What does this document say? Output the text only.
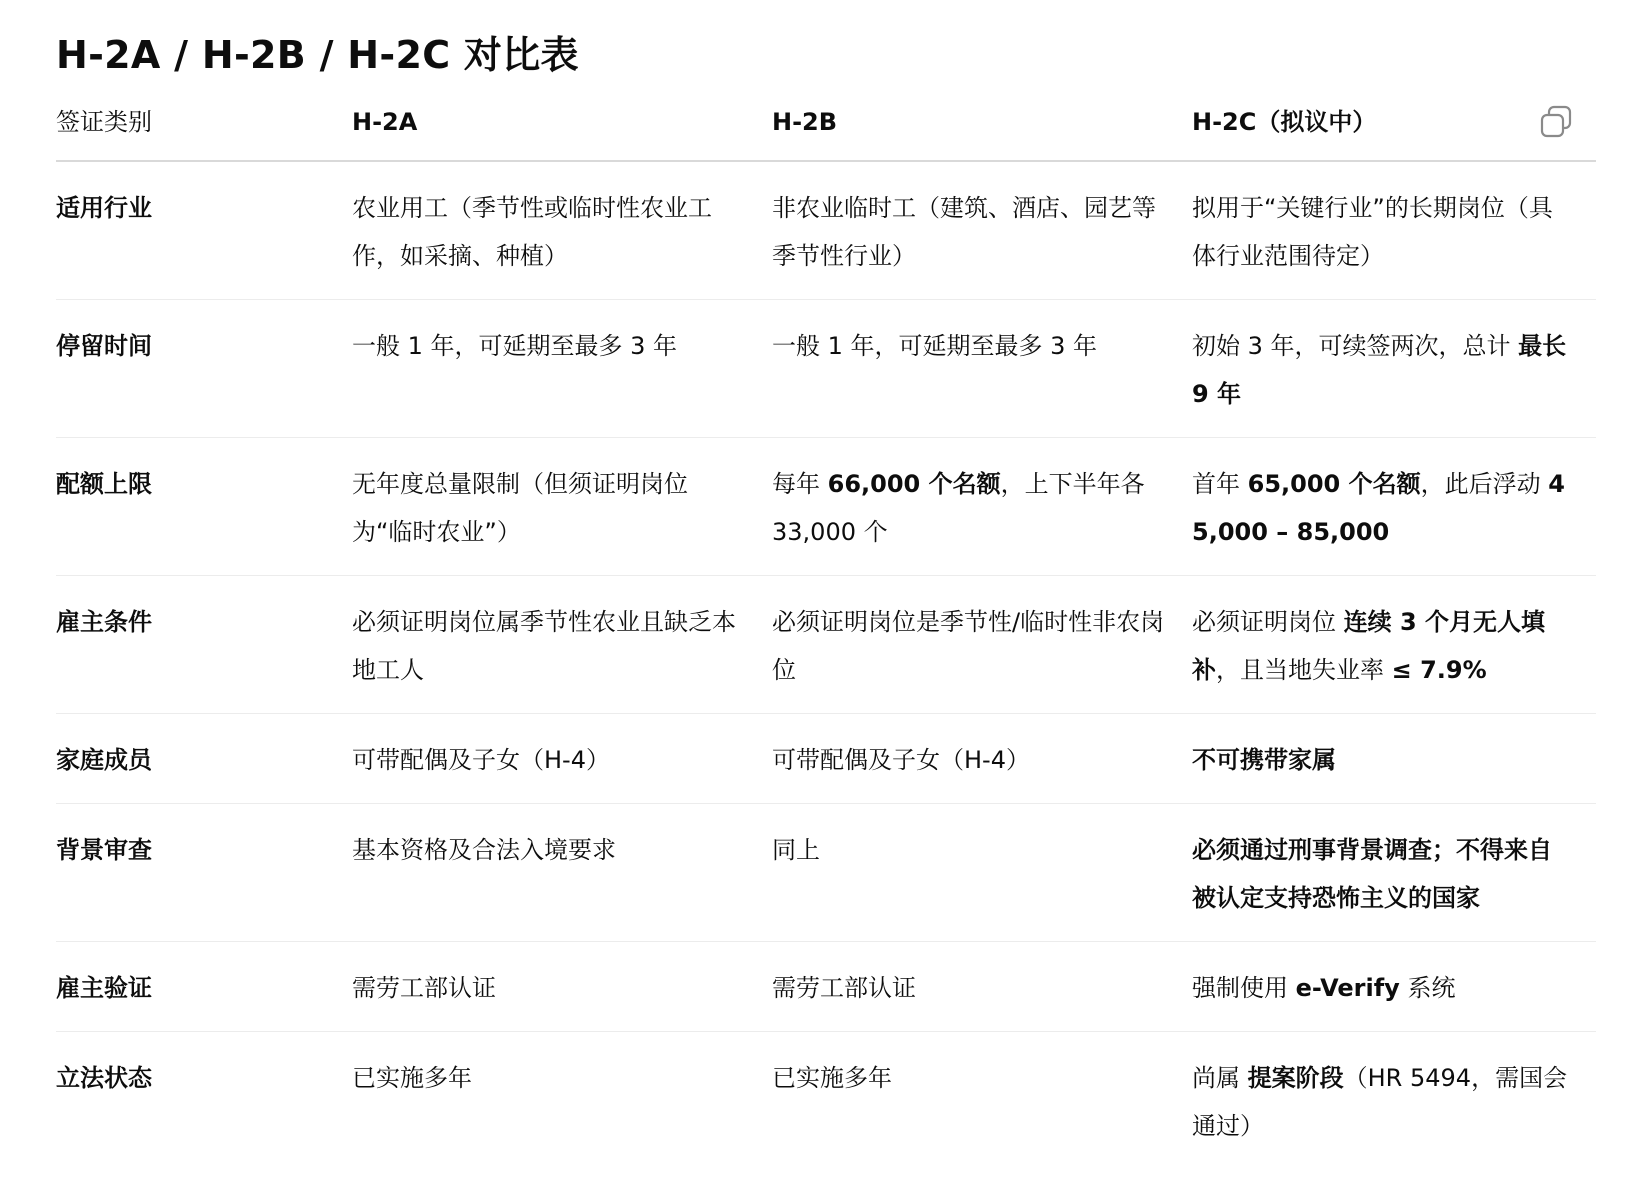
H-2A / H-2B / H-2C 对比表
签证类别	H-2A	H-2B	H-2C（拟议中）
适用行业	农业用工（季节性或临时性农业工作，如采摘、种植）	非农业临时工（建筑、酒店、园艺等季节性行业）	拟用于“关键行业”的长期岗位（具体行业范围待定）
停留时间	一般 1 年，可延期至最多 3 年	一般 1 年，可延期至最多 3 年	初始 3 年，可续签两次，总计 最长 9 年
配额上限	无年度总量限制（但须证明岗位为“临时农业”）	每年 66,000 个名额，上下半年各 33,000 个	首年 65,000 个名额，此后浮动 45,000 – 85,000
雇主条件	必须证明岗位属季节性农业且缺乏本地工人	必须证明岗位是季节性/临时性非农岗位	必须证明岗位 连续 3 个月无人填补，且当地失业率 ≤ 7.9%
家庭成员	可带配偶及子女（H-4）	可带配偶及子女（H-4）	不可携带家属
背景审查	基本资格及合法入境要求	同上	必须通过刑事背景调查；不得来自被认定支持恐怖主义的国家
雇主验证	需劳工部认证	需劳工部认证	强制使用 e-Verify 系统
立法状态	已实施多年	已实施多年	尚属 提案阶段（HR 5494，需国会通过）
